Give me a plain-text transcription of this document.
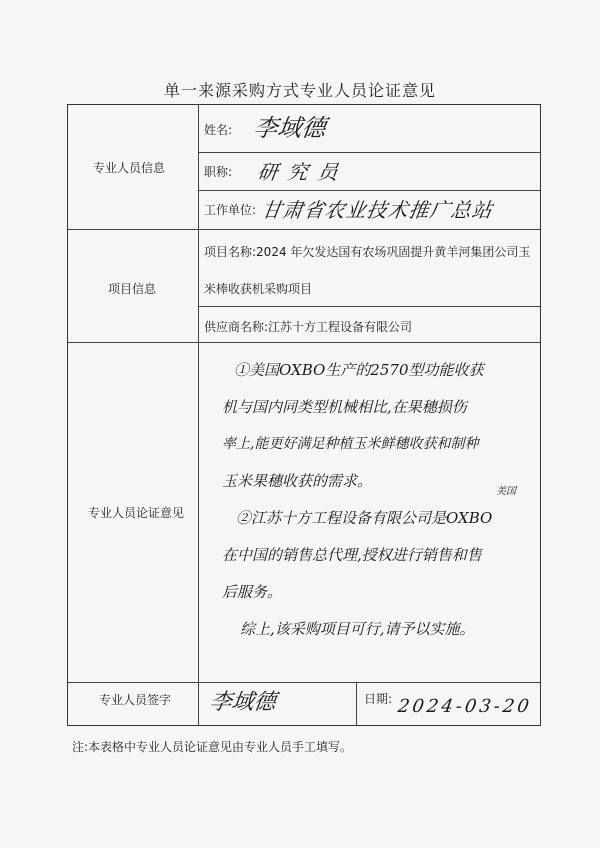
单一来源采购方式专业人员论证意见
专业人员信息
项目信息
专业人员论证意见
专业人员签字
姓名: 李域德
职称: 研究员
工作单位: 甘肃省农业技术推广总站
项目名称:2024 年欠发达国有农场巩固提升黄羊河集团公司玉
米棒收获机采购项目
供应商名称:江苏十方工程设备有限公司
①美国OXBO生产的2570型功能收获
机与国内同类型机械相比,在果穗损伤
率上,能更好满足种植玉米鲜穗收获和制种
玉米果穗收获的需求。
②江苏十方工程设备有限公司是OXBO
在中国的销售总代理,授权进行销售和售
后服务。
综上,该采购项目可行,请予以实施。
美国
李域德	日期: 2024-03-20
注:本表格中专业人员论证意见由专业人员手工填写。
